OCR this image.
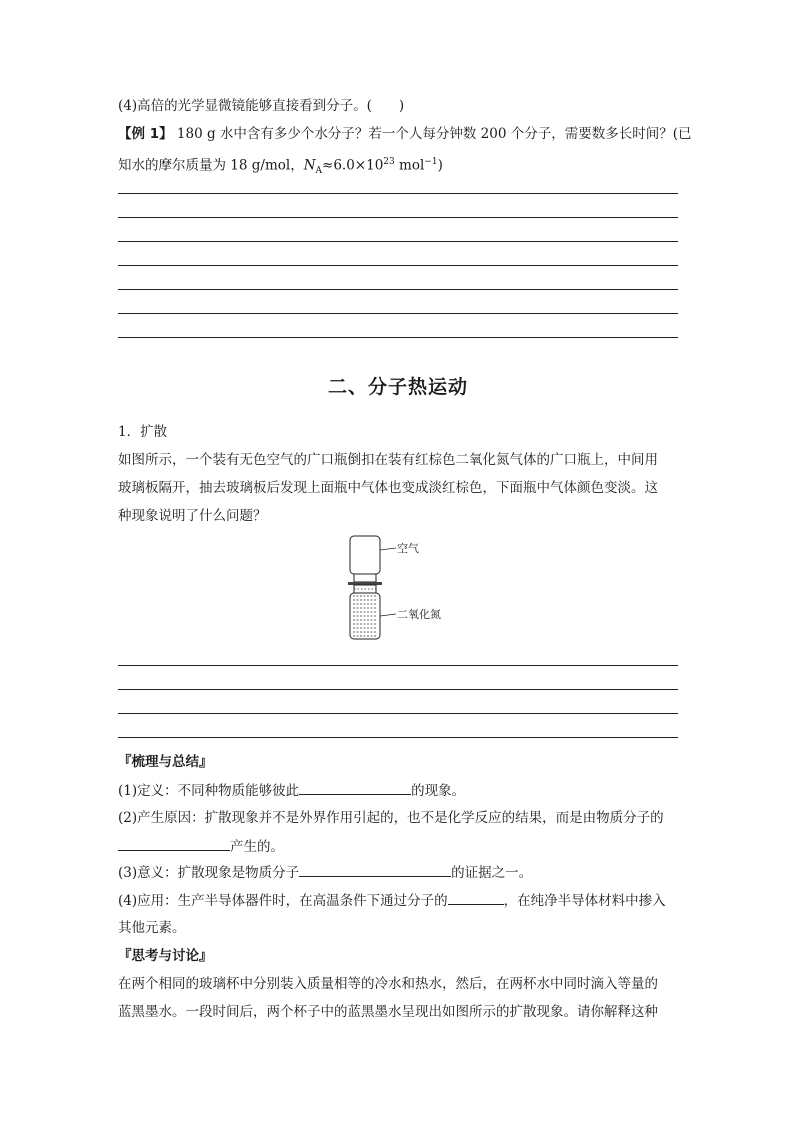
(4)高倍的光学显微镜能够直接看到分子。(　　)
【例 1】 180 g 水中含有多少个水分子？若一个人每分钟数 200 个分子，需要数多长时间？(已
知水的摩尔质量为 18 g/mol，$N_A\approx 6.0\times 10^{23}$ mol$^{-1}$)
二、分子热运动
1．扩散
如图所示，一个装有无色空气的广口瓶倒扣在装有红棕色二氧化氮气体的广口瓶上，中间用
玻璃板隔开，抽去玻璃板后发现上面瓶中气体也变成淡红棕色，下面瓶中气体颜色变淡。这
种现象说明了什么问题？
『梳理与总结』
(1)定义：不同种物质能够彼此	的现象。
(2)产生原因：扩散现象并不是外界作用引起的，也不是化学反应的结果，而是由物质分子的
产生的。
(3)意义：扩散现象是物质分子	的证据之一。
(4)应用：生产半导体器件时，在高温条件下通过分子的	，在纯净半导体材料中掺入
其他元素。
『思考与讨论』
在两个相同的玻璃杯中分别装入质量相等的冷水和热水，然后，在两杯水中同时滴入等量的
蓝黑墨水。一段时间后，两个杯子中的蓝黑墨水呈现出如图所示的扩散现象。请你解释这种
空气
二氧化氮
